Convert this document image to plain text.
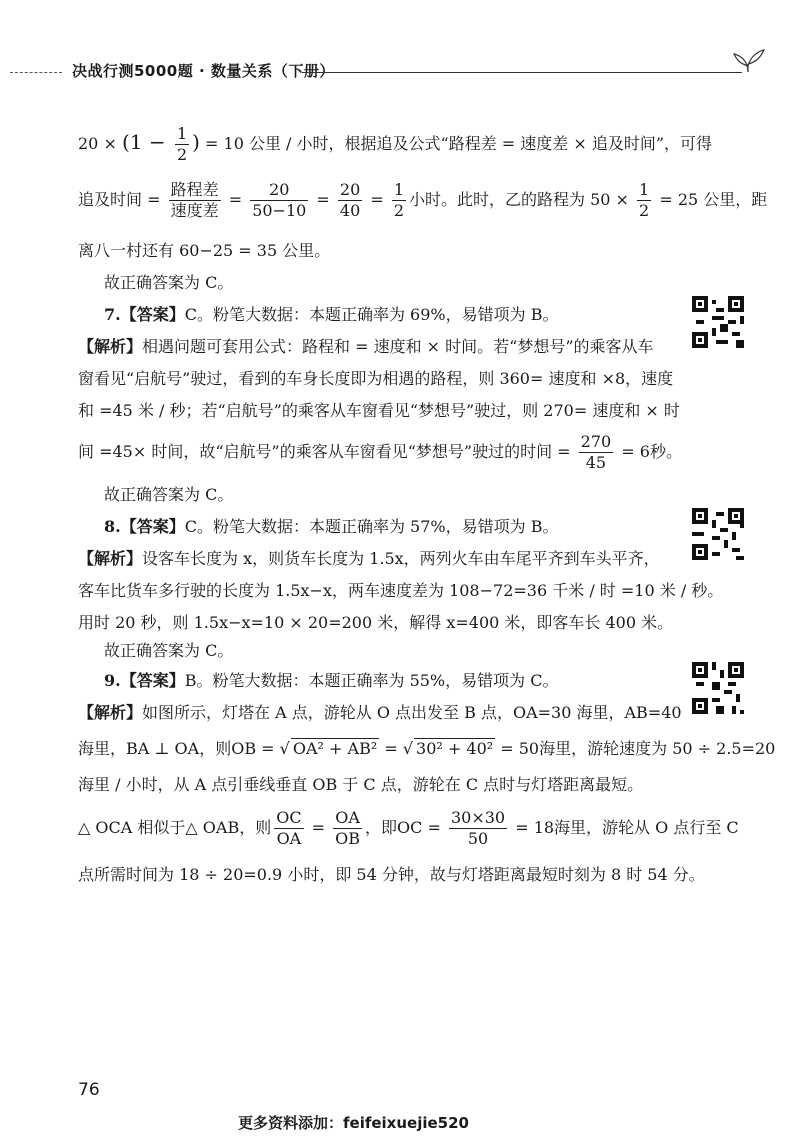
决战行测5000题 · 数量关系（下册）
$20 \times (1 - \frac{1}{2}$ ) = 10 公里 / 小时，根据追及公式“路程差 = 速度差 × 追及时间”，可得
追及时间 = $\frac{\text{路程差}}{\text{速度差}} = \frac{20}{50-10} = \frac{20}{40} = \frac{1}{2}$ 小时。此时，乙的路程为 $50 \times \frac{1}{2} = 25$ 公里，距
离八一村还有 60−25 = 35 公里。
故正确答案为 C。
7.【答案】C。粉笔大数据：本题正确率为 69%，易错项为 B。
【解析】相遇问题可套用公式：路程和 = 速度和 × 时间。若“梦想号”的乘客从车
窗看见“启航号”驶过，看到的车身长度即为相遇的路程，则 360= 速度和 ×8，速度
和 =45 米 / 秒；若“启航号”的乘客从车窗看见“梦想号”驶过，则 270= 速度和 × 时
间 =45× 时间，故“启航号”的乘客从车窗看见“梦想号”驶过的时间 = $\frac{270}{45} = 6$秒。
故正确答案为 C。
8.【答案】C。粉笔大数据：本题正确率为 57%，易错项为 B。
【解析】设客车长度为 x，则货车长度为 1.5x，两列火车由车尾平齐到车头平齐，
客车比货车多行驶的长度为 1.5x−x，两车速度差为 108−72=36 千米 / 时 =10 米 / 秒。
用时 20 秒，则 1.5x−x=10 × 20=200 米，解得 x=400 米，即客车长 400 米。
故正确答案为 C。
9.【答案】B。粉笔大数据：本题正确率为 55%，易错项为 C。
【解析】如图所示，灯塔在 A 点，游轮从 O 点出发至 B 点，OA=30 海里，AB=40
海里，BA ⊥ OA，则OB = √ OA² + AB² = √ 30² + 40² = 50海里，游轮速度为 50 ÷ 2.5=20
海里 / 小时，从 A 点引垂线垂直 OB 于 C 点，游轮在 C 点时与灯塔距离最短。
△ OCA 相似于△ OAB，则 $\frac{OC}{OA} = \frac{OA}{OB}$ ，即OC = $\frac{30\times 30}{50} = 18$海里，游轮从 O 点行至 C
点所需时间为 18 ÷ 20=0.9 小时，即 54 分钟，故与灯塔距离最短时刻为 8 时 54 分。
76
更多资料添加：feifeixuejie520
